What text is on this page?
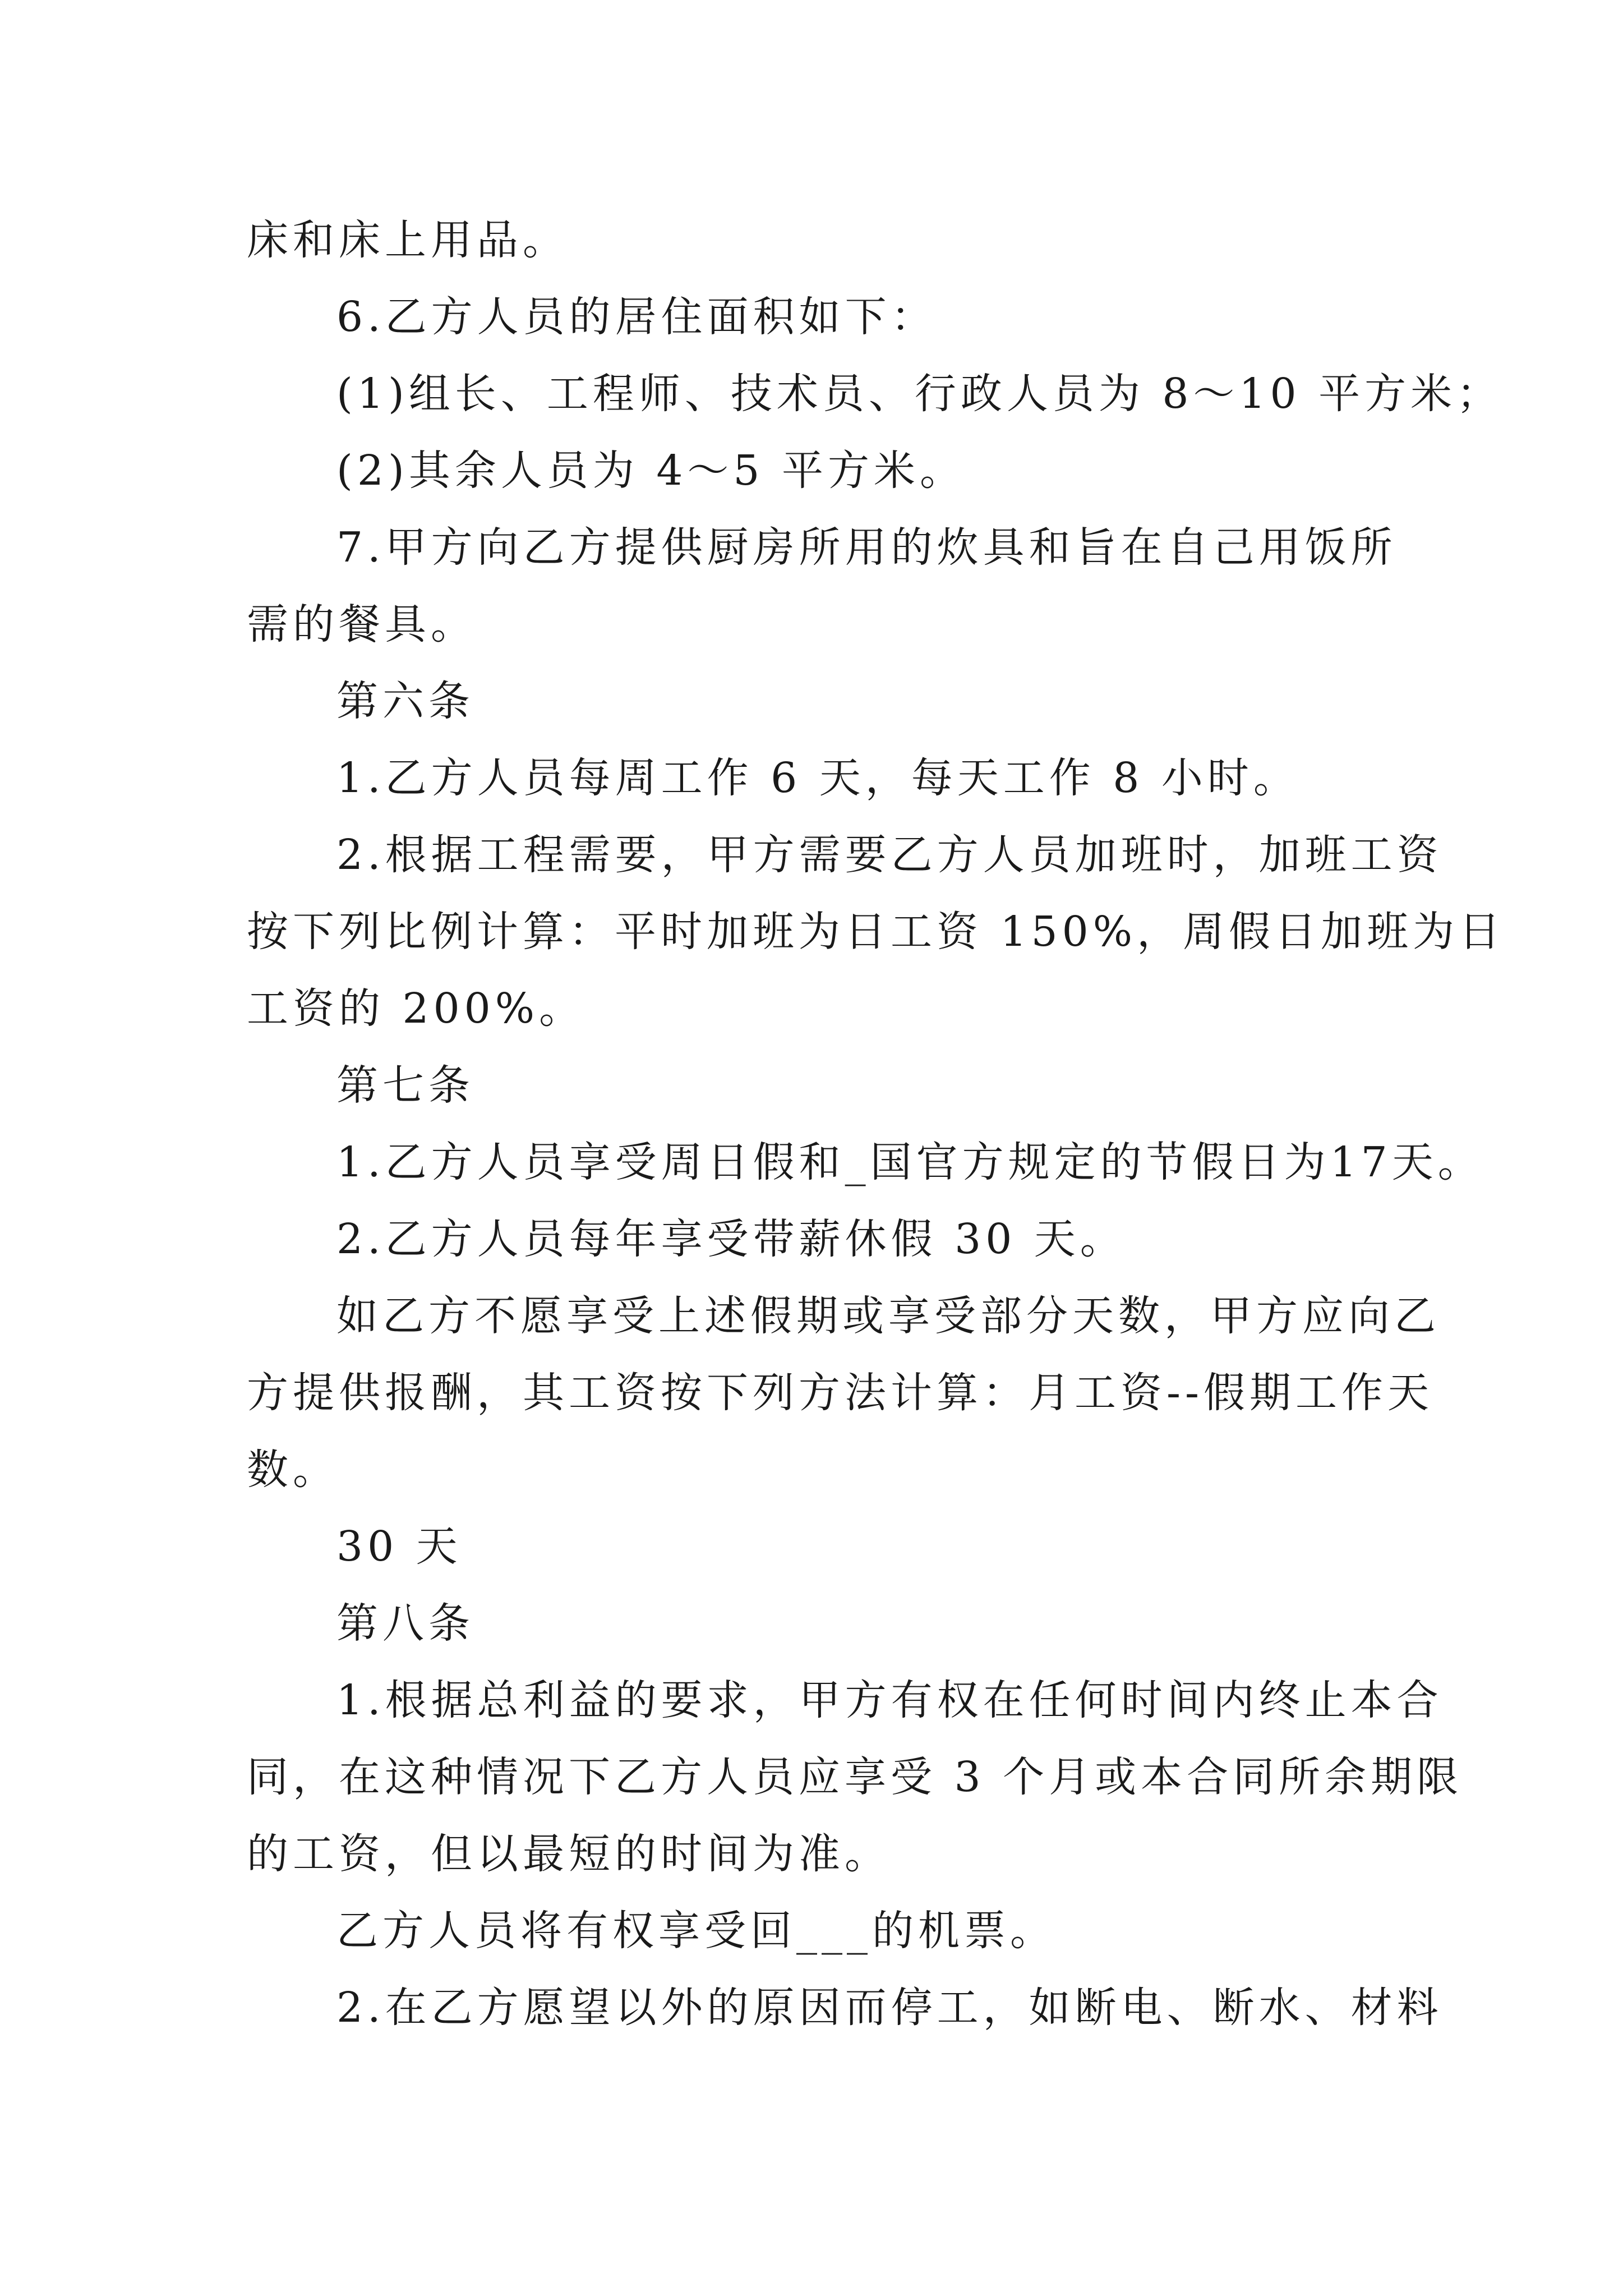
床和床上用品。
6.乙方人员的居住面积如下：
(1)组长、工程师、技术员、行政人员为 8～10 平方米；
(2)其余人员为 4～5 平方米。
7.甲方向乙方提供厨房所用的炊具和旨在自己用饭所
需的餐具。
第六条
1.乙方人员每周工作 6 天，每天工作 8 小时。
2.根据工程需要，甲方需要乙方人员加班时，加班工资
按下列比例计算：平时加班为日工资 150%，周假日加班为日
工资的 200%。
第七条
1.乙方人员享受周日假和_国官方规定的节假日为17天。
2.乙方人员每年享受带薪休假 30 天。
如乙方不愿享受上述假期或享受部分天数，甲方应向乙
方提供报酬，其工资按下列方法计算：月工资--假期工作天
数。
30 天
第八条
1.根据总利益的要求，甲方有权在任何时间内终止本合
同，在这种情况下乙方人员应享受 3 个月或本合同所余期限
的工资，但以最短的时间为准。
乙方人员将有权享受回___的机票。
2.在乙方愿望以外的原因而停工，如断电、断水、材料
